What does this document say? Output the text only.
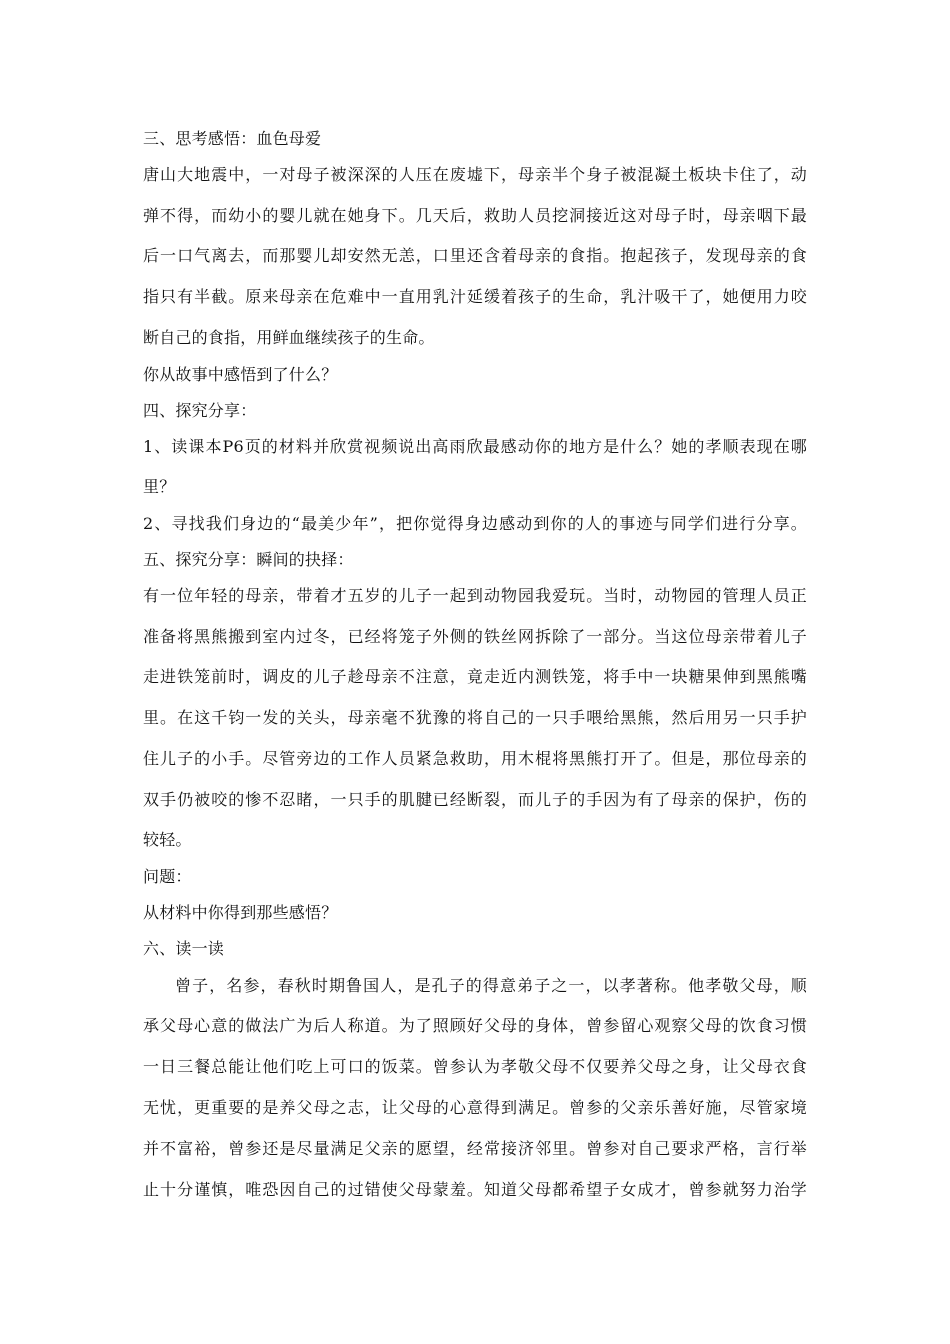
三、思考感悟：血色母爱
唐山大地震中，一对母子被深深的人压在废墟下，母亲半个身子被混凝土板块卡住了，动
弹不得，而幼小的婴儿就在她身下。几天后，救助人员挖洞接近这对母子时，母亲咽下最
后一口气离去，而那婴儿却安然无恙，口里还含着母亲的食指。抱起孩子，发现母亲的食
指只有半截。原来母亲在危难中一直用乳汁延缓着孩子的生命，乳汁吸干了，她便用力咬
断自己的食指，用鲜血继续孩子的生命。
你从故事中感悟到了什么？
四、探究分享：
1、读课本P6页的材料并欣赏视频说出高雨欣最感动你的地方是什么？她的孝顺表现在哪
里？
2、寻找我们身边的“最美少年”，把你觉得身边感动到你的人的事迹与同学们进行分享。
五、探究分享：瞬间的抉择：
有一位年轻的母亲，带着才五岁的儿子一起到动物园我爱玩。当时，动物园的管理人员正
准备将黑熊搬到室内过冬，已经将笼子外侧的铁丝网拆除了一部分。当这位母亲带着儿子
走进铁笼前时，调皮的儿子趁母亲不注意，竟走近内测铁笼，将手中一块糖果伸到黑熊嘴
里。在这千钧一发的关头，母亲毫不犹豫的将自己的一只手喂给黑熊，然后用另一只手护
住儿子的小手。尽管旁边的工作人员紧急救助，用木棍将黑熊打开了。但是，那位母亲的
双手仍被咬的惨不忍睹，一只手的肌腱已经断裂，而儿子的手因为有了母亲的保护，伤的
较轻。
问题：
从材料中你得到那些感悟？
六、读一读
曾子，名参，春秋时期鲁国人，是孔子的得意弟子之一，以孝著称。他孝敬父母，顺
承父母心意的做法广为后人称道。为了照顾好父母的身体，曾参留心观察父母的饮食习惯
一日三餐总能让他们吃上可口的饭菜。曾参认为孝敬父母不仅要养父母之身，让父母衣食
无忧，更重要的是养父母之志，让父母的心意得到满足。曾参的父亲乐善好施，尽管家境
并不富裕，曾参还是尽量满足父亲的愿望，经常接济邻里。曾参对自己要求严格，言行举
止十分谨慎，唯恐因自己的过错使父母蒙羞。知道父母都希望子女成才，曾参就努力治学
